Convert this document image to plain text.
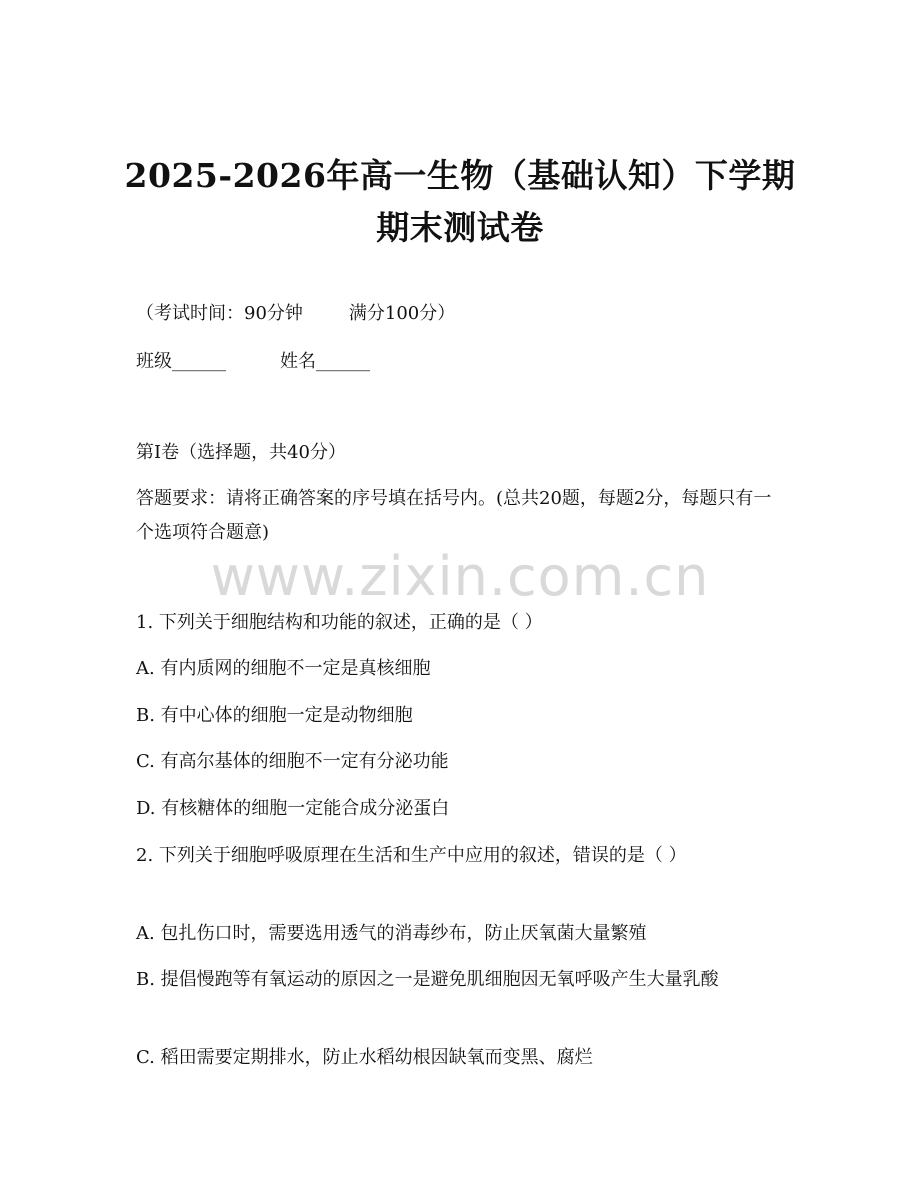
2025-2026年高一生物（基础认知）下学期
期末测试卷
（考试时间：90分钟	满分100分）
班级______	姓名______
第Ⅰ卷（选择题，共40分）
答题要求：请将正确答案的序号填在括号内。(总共20题，每题2分，每题只有一个选项符合题意)
www.zixin.com.cn
1. 下列关于细胞结构和功能的叙述，正确的是（ ）
A. 有内质网的细胞不一定是真核细胞
B. 有中心体的细胞一定是动物细胞
C. 有高尔基体的细胞不一定有分泌功能
D. 有核糖体的细胞一定能合成分泌蛋白
2. 下列关于细胞呼吸原理在生活和生产中应用的叙述，错误的是（ ）
A. 包扎伤口时，需要选用透气的消毒纱布，防止厌氧菌大量繁殖
B. 提倡慢跑等有氧运动的原因之一是避免肌细胞因无氧呼吸产生大量乳酸
C. 稻田需要定期排水，防止水稻幼根因缺氧而变黑、腐烂
